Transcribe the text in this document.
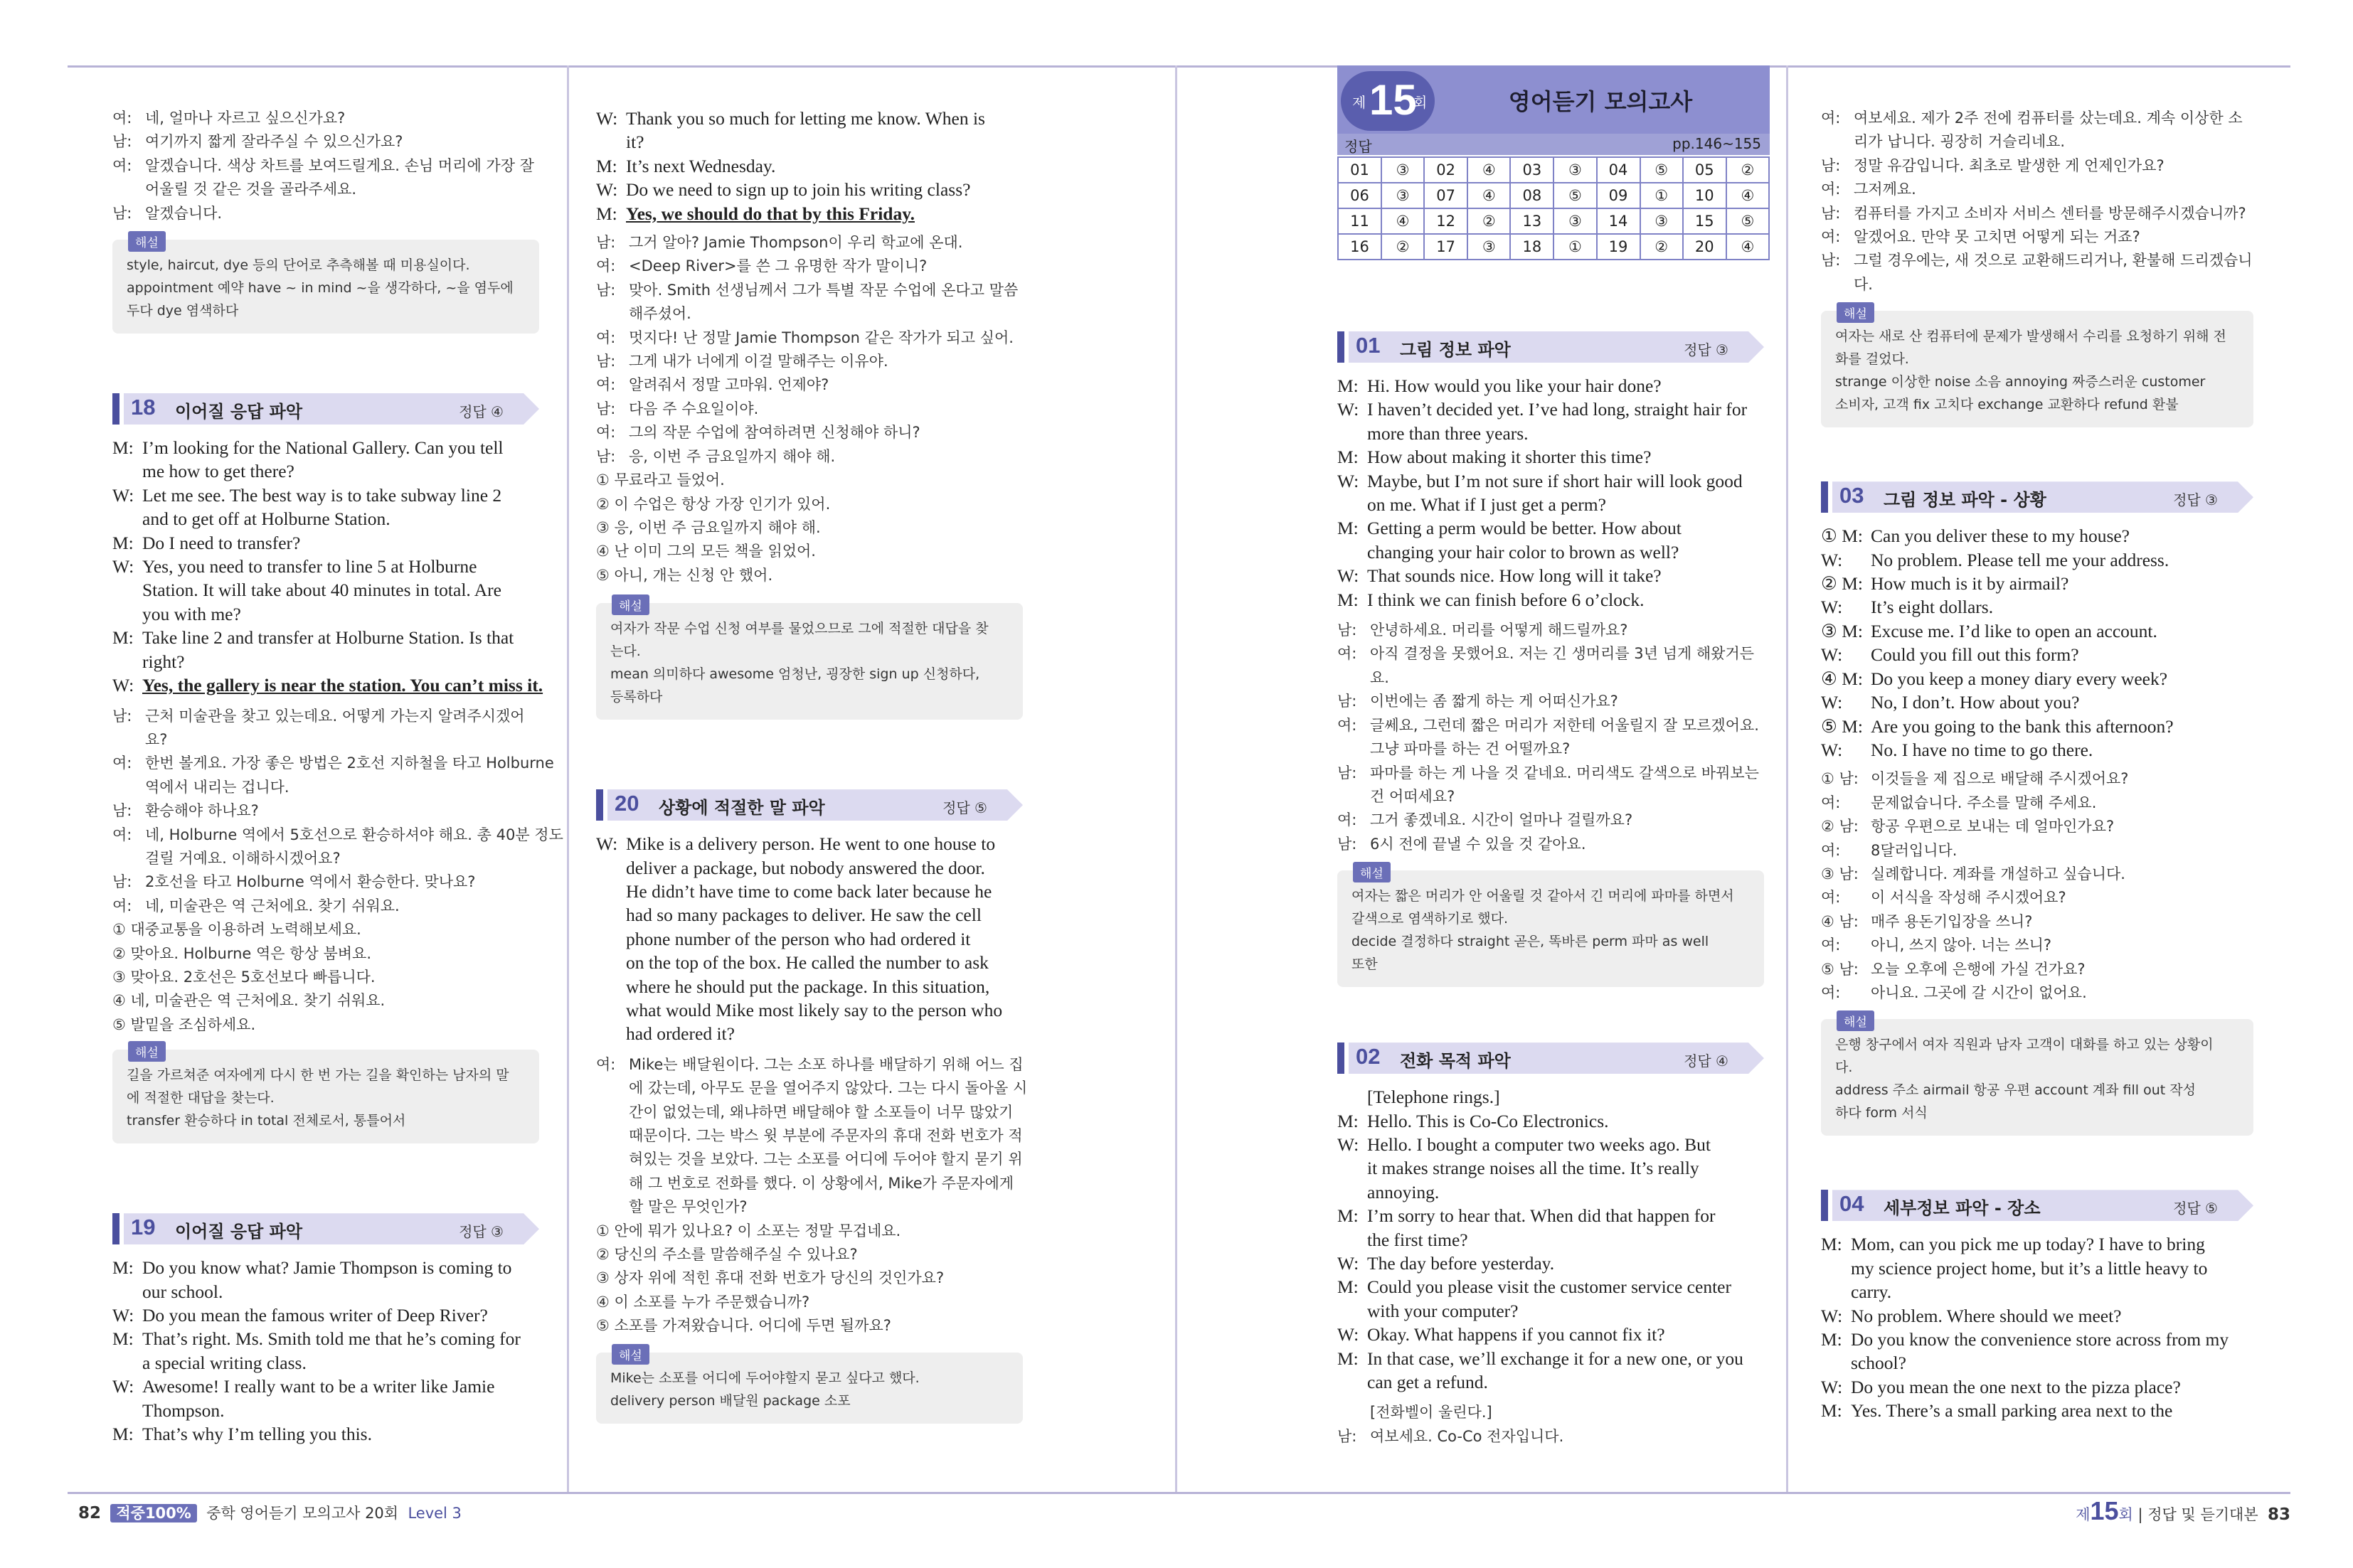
여: 네, 얼마나 자르고 싶으신가요?
남: 여기까지 짧게 잘라주실 수 있으신가요?
여: 알겠습니다. 색상 차트를 보여드릴게요. 손님 머리에 가장 잘
어울릴 것 같은 것을 골라주세요.
남: 알겠습니다.
해설
style, haircut, dye 등의 단어로 추측해볼 때 미용실이다.
appointment 예약 have ~ in mind ~을 생각하다, ~을 염두에
두다 dye 염색하다
18 이어질 응답 파악	정답 ④
M: I’m looking for the National Gallery. Can you tell
me how to get there?
W: Let me see. The best way is to take subway line 2
and to get off at Holburne Station.
M: Do I need to transfer?
W: Yes, you need to transfer to line 5 at Holburne
Station. It will take about 40 minutes in total. Are
you with me?
M: Take line 2 and transfer at Holburne Station. Is that
right?
W: Yes, the gallery is near the station. You can’t miss it.
남: 근처 미술관을 찾고 있는데요. 어떻게 가는지 알려주시겠어
요?
여: 한번 볼게요. 가장 좋은 방법은 2호선 지하철을 타고 Holburne
역에서 내리는 겁니다.
남: 환승해야 하나요?
여: 네, Holburne 역에서 5호선으로 환승하셔야 해요. 총 40분 정도
걸릴 거예요. 이해하시겠어요?
남: 2호선을 타고 Holburne 역에서 환승한다. 맞나요?
여: 네, 미술관은 역 근처에요. 찾기 쉬워요.
① 대중교통을 이용하려 노력해보세요.
② 맞아요. Holburne 역은 항상 붐벼요.
③ 맞아요. 2호선은 5호선보다 빠릅니다.
④ 네, 미술관은 역 근처에요. 찾기 쉬워요.
⑤ 발밑을 조심하세요.
해설
길을 가르쳐준 여자에게 다시 한 번 가는 길을 확인하는 남자의 말
에 적절한 대답을 찾는다.
transfer 환승하다 in total 전체로서, 통틀어서
19 이어질 응답 파악	정답 ③
M: Do you know what? Jamie Thompson is coming to
our school.
W: Do you mean the famous writer of Deep River?
M: That’s right. Ms. Smith told me that he’s coming for
a special writing class.
W: Awesome! I really want to be a writer like Jamie
Thompson.
M: That’s why I’m telling you this.
W: Thank you so much for letting me know. When is
it?
M: It’s next Wednesday.
W: Do we need to sign up to join his writing class?
M: Yes, we should do that by this Friday.
남: 그거 알아? Jamie Thompson이 우리 학교에 온대.
여: <Deep River>를 쓴 그 유명한 작가 말이니?
남: 맞아. Smith 선생님께서 그가 특별 작문 수업에 온다고 말씀
해주셨어.
여: 멋지다! 난 정말 Jamie Thompson 같은 작가가 되고 싶어.
남: 그게 내가 너에게 이걸 말해주는 이유야.
여: 알려줘서 정말 고마워. 언제야?
남: 다음 주 수요일이야.
여: 그의 작문 수업에 참여하려면 신청해야 하니?
남: 응, 이번 주 금요일까지 해야 해.
① 무료라고 들었어.
② 이 수업은 항상 가장 인기가 있어.
③ 응, 이번 주 금요일까지 해야 해.
④ 난 이미 그의 모든 책을 읽었어.
⑤ 아니, 개는 신청 안 했어.
해설
여자가 작문 수업 신청 여부를 물었으므로 그에 적절한 대답을 찾
는다.
mean 의미하다 awesome 엄청난, 굉장한 sign up 신청하다,
등록하다
20 상황에 적절한 말 파악	정답 ⑤
W: Mike is a delivery person. He went to one house to
deliver a package, but nobody answered the door.
He didn’t have time to come back later because he
had so many packages to deliver. He saw the cell
phone number of the person who had ordered it
on the top of the box. He called the number to ask
where he should put the package. In this situation,
what would Mike most likely say to the person who
had ordered it?
여: Mike는 배달원이다. 그는 소포 하나를 배달하기 위해 어느 집
에 갔는데, 아무도 문을 열어주지 않았다. 그는 다시 돌아올 시
간이 없었는데, 왜냐하면 배달해야 할 소포들이 너무 많았기
때문이다. 그는 박스 윗 부분에 주문자의 휴대 전화 번호가 적
혀있는 것을 보았다. 그는 소포를 어디에 두어야 할지 묻기 위
해 그 번호로 전화를 했다. 이 상황에서, Mike가 주문자에게
할 말은 무엇인가?
① 안에 뭐가 있나요? 이 소포는 정말 무겁네요.
② 당신의 주소를 말씀해주실 수 있나요?
③ 상자 위에 적힌 휴대 전화 번호가 당신의 것인가요?
④ 이 소포를 누가 주문했습니까?
⑤ 소포를 가져왔습니다. 어디에 두면 될까요?
해설
Mike는 소포를 어디에 두어야할지 묻고 싶다고 했다.
delivery person 배달원 package 소포
제 15
회	영어듣기 모의고사
정답	pp.146~155
01	③	02	④	03	③	04	⑤	05	②
06	③	07	④	08	⑤	09	①	10	④
11	④	12	②	13	③	14	③	15	⑤
16	②	17	③	18	①	19	②	20	④
01 그림 정보 파악	정답 ③
M: Hi. How would you like your hair done?
W: I haven’t decided yet. I’ve had long, straight hair for
more than three years.
M: How about making it shorter this time?
W: Maybe, but I’m not sure if short hair will look good
on me. What if I just get a perm?
M: Getting a perm would be better. How about
changing your hair color to brown as well?
W: That sounds nice. How long will it take?
M: I think we can finish before 6 o’clock.
남: 안녕하세요. 머리를 어떻게 해드릴까요?
여: 아직 결정을 못했어요. 저는 긴 생머리를 3년 넘게 해왔거든
요.
남: 이번에는 좀 짧게 하는 게 어떠신가요?
여: 글쎄요, 그런데 짧은 머리가 저한테 어울릴지 잘 모르겠어요.
그냥 파마를 하는 건 어떨까요?
남: 파마를 하는 게 나을 것 같네요. 머리색도 갈색으로 바꿔보는
건 어떠세요?
여: 그거 좋겠네요. 시간이 얼마나 걸릴까요?
남: 6시 전에 끝낼 수 있을 것 같아요.
해설
여자는 짧은 머리가 안 어울릴 것 같아서 긴 머리에 파마를 하면서
갈색으로 염색하기로 했다.
decide 결정하다 straight 곧은, 똑바른 perm 파마 as well
또한
02 전화 목적 파악	정답 ④
[Telephone rings.]
M: Hello. This is Co-Co Electronics.
W: Hello. I bought a computer two weeks ago. But
it makes strange noises all the time. It’s really
annoying.
M: I’m sorry to hear that. When did that happen for
the first time?
W: The day before yesterday.
M: Could you please visit the customer service center
with your computer?
W: Okay. What happens if you cannot fix it?
M: In that case, we’ll exchange it for a new one, or you
can get a refund.
[전화벨이 울린다.]
남: 여보세요. Co-Co 전자입니다.
여: 여보세요. 제가 2주 전에 컴퓨터를 샀는데요. 계속 이상한 소
리가 납니다. 굉장히 거슬리네요.
남: 정말 유감입니다. 최초로 발생한 게 언제인가요?
여: 그저께요.
남: 컴퓨터를 가지고 소비자 서비스 센터를 방문해주시겠습니까?
여: 알겠어요. 만약 못 고치면 어떻게 되는 거죠?
남: 그럴 경우에는, 새 것으로 교환해드리거나, 환불해 드리겠습니
다.
해설
여자는 새로 산 컴퓨터에 문제가 발생해서 수리를 요청하기 위해 전
화를 걸었다.
strange 이상한 noise 소음 annoying 짜증스러운 customer
소비자, 고객 fix 고치다 exchange 교환하다 refund 환불
03 그림 정보 파악 - 상황	정답 ③
① M: Can you deliver these to my house?
W:	No problem. Please tell me your address.
② M: How much is it by airmail?
W:	It’s eight dollars.
③ M: Excuse me. I’d like to open an account.
W:	Could you fill out this form?
④ M: Do you keep a money diary every week?
W:	No, I don’t. How about you?
⑤ M: Are you going to the bank this afternoon?
W:	No. I have no time to go there.
① 남: 이것들을 제 집으로 배달해 주시겠어요?
여:	문제없습니다. 주소를 말해 주세요.
② 남: 항공 우편으로 보내는 데 얼마인가요?
여:	8달러입니다.
③ 남: 실례합니다. 계좌를 개설하고 싶습니다.
여:	이 서식을 작성해 주시겠어요?
④ 남: 매주 용돈기입장을 쓰니?
여:	아니, 쓰지 않아. 너는 쓰니?
⑤ 남: 오늘 오후에 은행에 가실 건가요?
여:	아니요. 그곳에 갈 시간이 없어요.
해설
은행 창구에서 여자 직원과 남자 고객이 대화를 하고 있는 상황이
다.
address 주소 airmail 항공 우편 account 계좌 fill out 작성
하다 form 서식
04 세부정보 파악 - 장소	정답 ⑤
M: Mom, can you pick me up today? I have to bring
my science project home, but it’s a little heavy to
carry.
W: No problem. Where should we meet?
M: Do you know the convenience store across from my
school?
W: Do you mean the one next to the pizza place?
M: Yes. There’s a small parking area next to the
82 적중100% 중학 영어듣기 모의고사 20회 Level 3	제15회 | 정답 및 듣기대본 83
